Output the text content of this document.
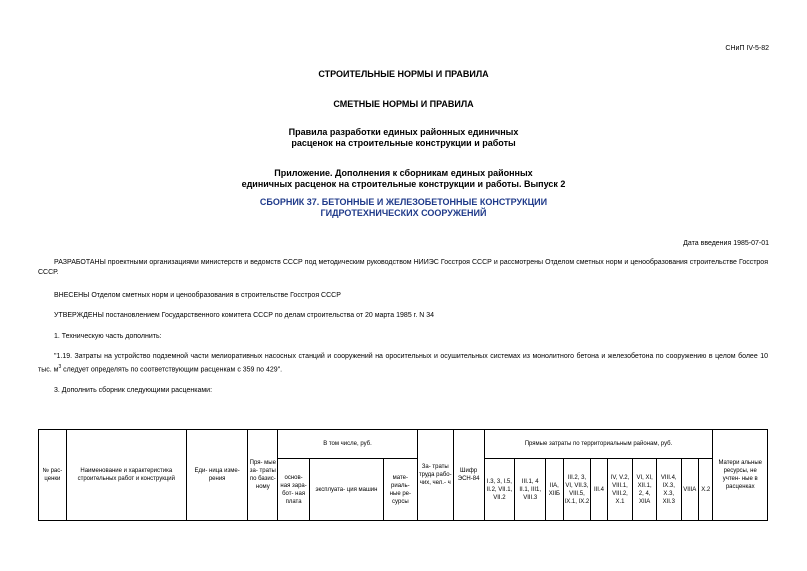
СНиП IV-5-82
СТРОИТЕЛЬНЫЕ НОРМЫ И ПРАВИЛА
СМЕТНЫЕ НОРМЫ И ПРАВИЛА
Правила разработки единых районных единичных
расценок на строительные конструкции и работы
Приложение. Дополнения к сборникам единых районных
единичных расценок на строительные конструкции и работы. Выпуск 2
СБОРНИК 37. БЕТОННЫЕ И ЖЕЛЕЗОБЕТОННЫЕ КОНСТРУКЦИИ
ГИДРОТЕХНИЧЕСКИХ СООРУЖЕНИЙ
Дата введения 1985-07-01
РАЗРАБОТАНЫ проектными организациями министерств и ведомств СССР под методическим руководством НИИЭС Госстроя СССР и рассмотрены Отделом сметных норм и ценообразования строительстве Госстроя СССР.
ВНЕСЕНЫ Отделом сметных норм и ценообразования в строительстве Госстроя СССР
УТВЕРЖДЕНЫ постановлением Государственного комитета СССР по делам строительства от 20 марта 1985 г. N 34
1. Техническую часть дополнить:
"1.19. Затраты на устройство подземной части мелиоративных насосных станций и сооружений на оросительных и осушительных системах из монолитного бетона и железобетона по сооружению в целом более 10 тыс. $м^3$ следует определять по соответствующим расценкам с 359 по 429".
3. Дополнить сборник следующими расценками:
№ рас- ценки	Наименование и характеристика строительных работ и конструкций	Еди- ница изме- рения	Пря- мые за- траты по базис- ному	В том числе, руб.			За- траты труда рабо- чих, чел.- ч	Шифр ЭСН-84	Прямые затраты по территориальным районам, руб.										Матери альные ресурсы, не учтен- ные в расценках
				основ- ная зара- бот- ная плата	эксплуата- ция машин	мате- риаль- ные ре- сурсы			I.3, 3, I.5, II.2, VII.1, VII.2	III.1, 4 II.1, III1, VIII.3	IIA, XIIБ	III.2, 3, VI, VII.3, VIII.5, IX.1, IX.2	III.4	IV, V.2, VIII.1, VIII.2, X.1	VI, XI, XII.1, 2, 4, XIIA	VIII.4, IX.3, X.3, XII.3	VIIIA	X.2	
